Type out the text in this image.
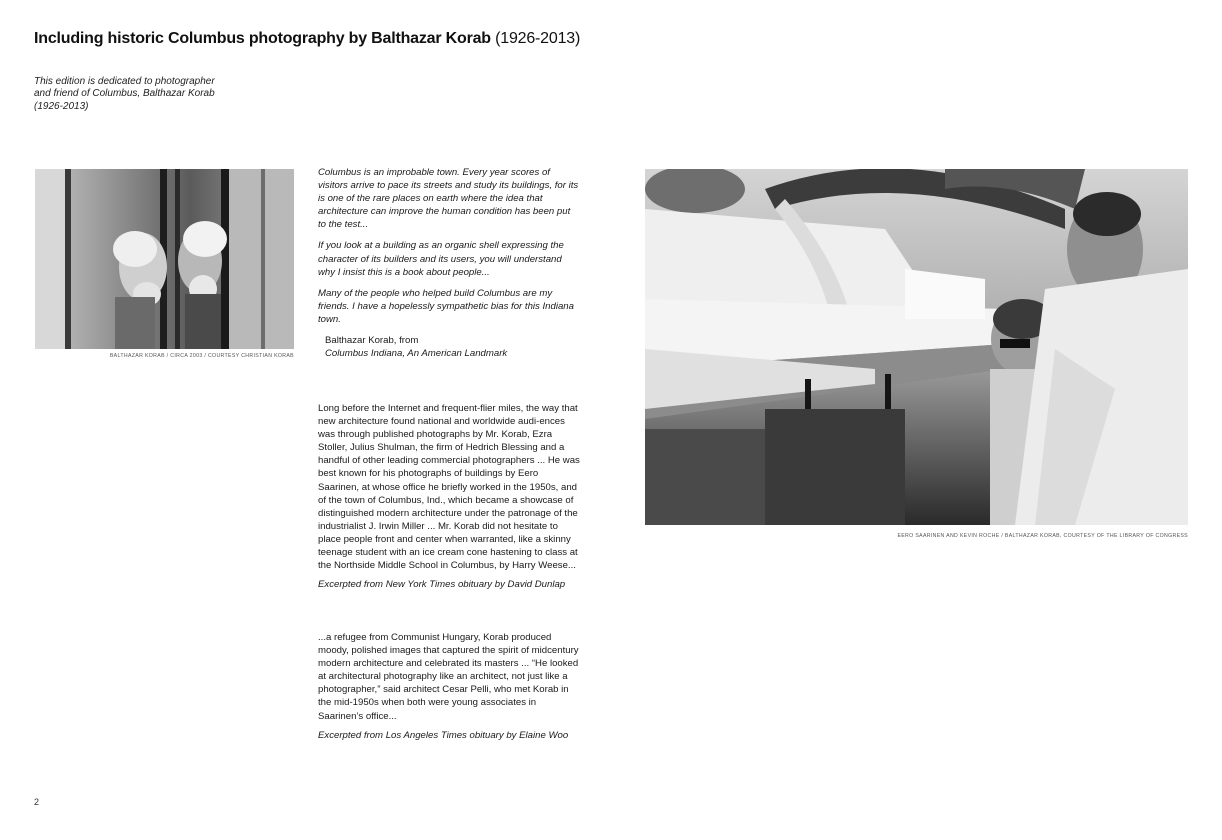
Including historic Columbus photography by Balthazar Korab (1926-2013)
This edition is dedicated to photographer
and friend of Columbus, Balthazar Korab
(1926-2013)
BALTHAZAR KORAB / CIRCA 2003 / COURTESY CHRISTIAN KORAB
EERO SAARINEN AND KEVIN ROCHE / BALTHAZAR KORAB, COURTESY OF THE LIBRARY OF CONGRESS

Columbus is an improbable town. Every year scores of visitors arrive to pace its streets and study its buildings, for its is one of the rare places on earth where the idea that architecture can improve the human condition has been put to the test...

If you look at a building as an organic shell expressing the character of its builders and its users, you will understand why I insist this is a book about people...

Many of the people who helped build Columbus are my friends. I have a hopelessly sympathetic bias for this Indiana town.

Balthazar Korab, from
Columbus Indiana, An American Landmark
Long before the Internet and frequent-flier miles, the way that new architecture found national and worldwide audi-ences was through published photographs by Mr. Korab, Ezra Stoller, Julius Shulman, the firm of Hedrich Blessing and a handful of other leading commercial photographers ... He was best known for his photographs of buildings by Eero Saarinen, at whose office he briefly worked in the 1950s, and of the town of Columbus, Ind., which became a showcase of distinguished modern architecture under the patronage of the industrialist J. Irwin Miller ... Mr. Korab did not hesitate to place people front and center when warranted, like a skinny teenage student with an ice cream cone hastening to class at the Northside Middle School in Columbus, by Harry Weese...
Excerpted from New York Times obituary by David Dunlap
...a refugee from Communist Hungary, Korab produced moody, polished images that captured the spirit of midcentury modern architecture and celebrated its masters ... “He looked at architectural photography like an architect, not just like a photographer,” said architect Cesar Pelli, who met Korab in the mid-1950s when both were young associates in Saarinen’s office...
Excerpted from Los Angeles Times obituary by Elaine Woo
2
